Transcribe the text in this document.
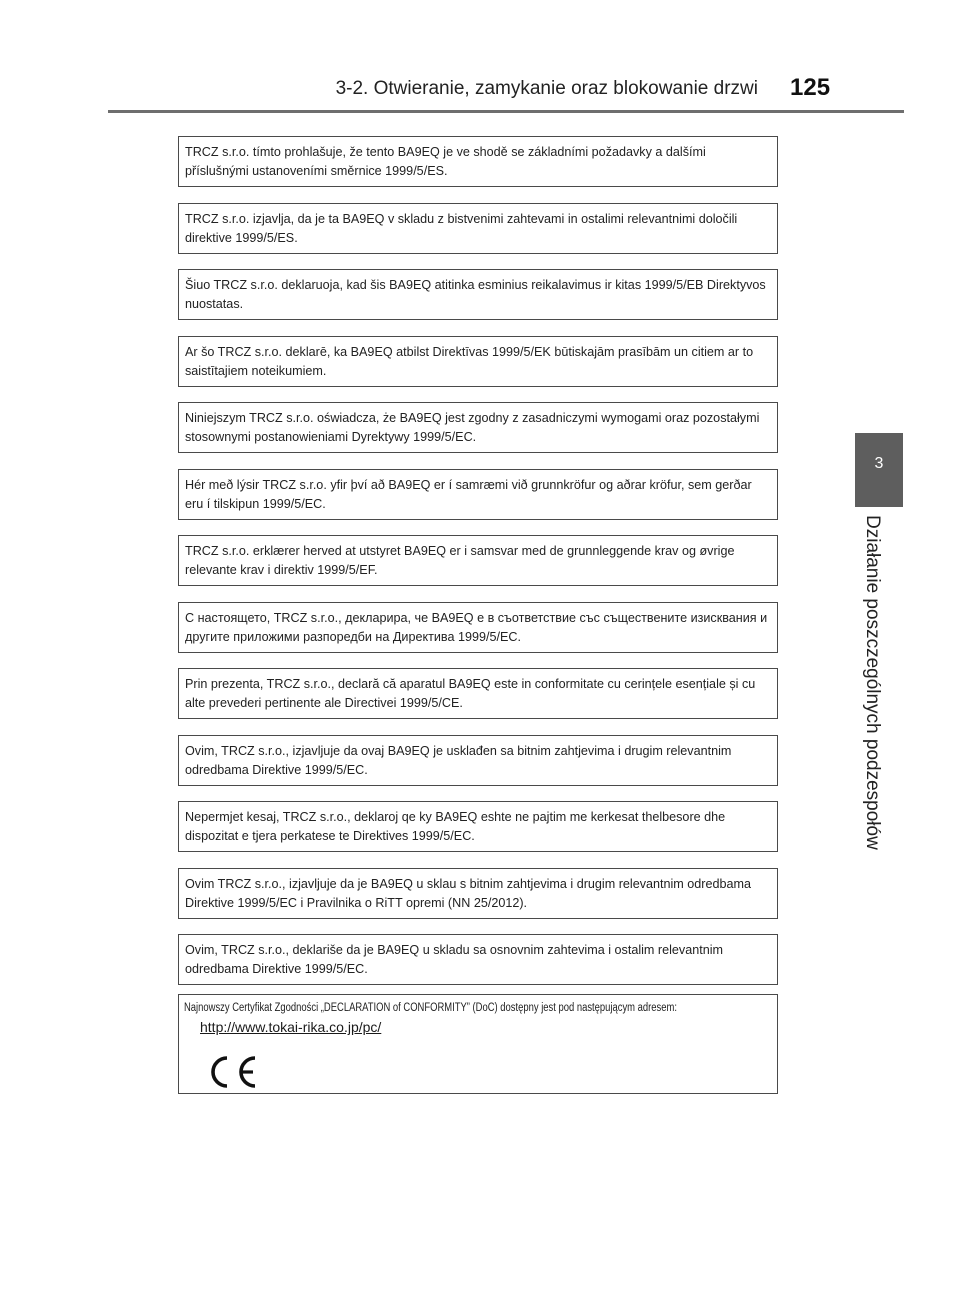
3-2. Otwieranie, zamykanie oraz blokowanie drzwi 125
3
Działanie poszczególnych podzespołów
TRCZ s.r.o. tímto prohlašuje, že tento BA9EQ je ve shodě se základními požadavky a dalšími příslušnými ustanoveními směrnice 1999/5/ES.
TRCZ s.r.o. izjavlja, da je ta BA9EQ v skladu z bistvenimi zahtevami in ostalimi relevantnimi določili direktive 1999/5/ES.
Šiuo TRCZ s.r.o. deklaruoja, kad šis BA9EQ atitinka esminius reikalavimus ir kitas 1999/5/EB Direktyvos nuostatas.
Ar šo TRCZ s.r.o. deklarē, ka BA9EQ atbilst Direktīvas 1999/5/EK būtiskajām prasībām un citiem ar to saistītajiem noteikumiem.
Niniejszym TRCZ s.r.o. oświadcza, że BA9EQ jest zgodny z zasadniczymi wymogami oraz pozostałymi stosownymi postanowieniami Dyrektywy 1999/5/EC.
Hér með lýsir TRCZ s.r.o. yfir því að BA9EQ er í samræmi við grunnkröfur og aðrar kröfur, sem gerðar eru í tilskipun 1999/5/EC.
TRCZ s.r.o. erklærer herved at utstyret BA9EQ er i samsvar med de grunnleggende krav og øvrige relevante krav i direktiv 1999/5/EF.
С настоящето, TRCZ s.r.o., декларира, че BA9EQ е в съответствие със съществените изисквания и другите приложими разпоредби на Директива 1999/5/EC.
Prin prezenta, TRCZ s.r.o., declară că aparatul BA9EQ este in conformitate cu cerințele esențiale și cu alte prevederi pertinente ale Directivei 1999/5/CE.
Ovim, TRCZ s.r.o., izjavljuje da ovaj BA9EQ je usklađen sa bitnim zahtjevima i drugim relevantnim odredbama Direktive 1999/5/EC.
Nepermjet kesaj, TRCZ s.r.o., deklaroj qe ky BA9EQ eshte ne pajtim me kerkesat thelbesore dhe dispozitat e tjera perkatese te Direktives 1999/5/EC.
Ovim TRCZ s.r.o., izjavljuje da je BA9EQ u sklau s bitnim zahtjevima i drugim relevantnim odredbama Direktive 1999/5/EC i Pravilnika o RiTT opremi (NN 25/2012).
Ovim, TRCZ s.r.o., deklariše da je BA9EQ u skladu sa osnovnim zahtevima i ostalim relevantnim odredbama Direktive 1999/5/EC.
Najnowszy Certyfikat Zgodności „DECLARATION of CONFORMITY” (DoC) dostępny jest pod następującym adresem:
http://www.tokai-rika.co.jp/pc/
